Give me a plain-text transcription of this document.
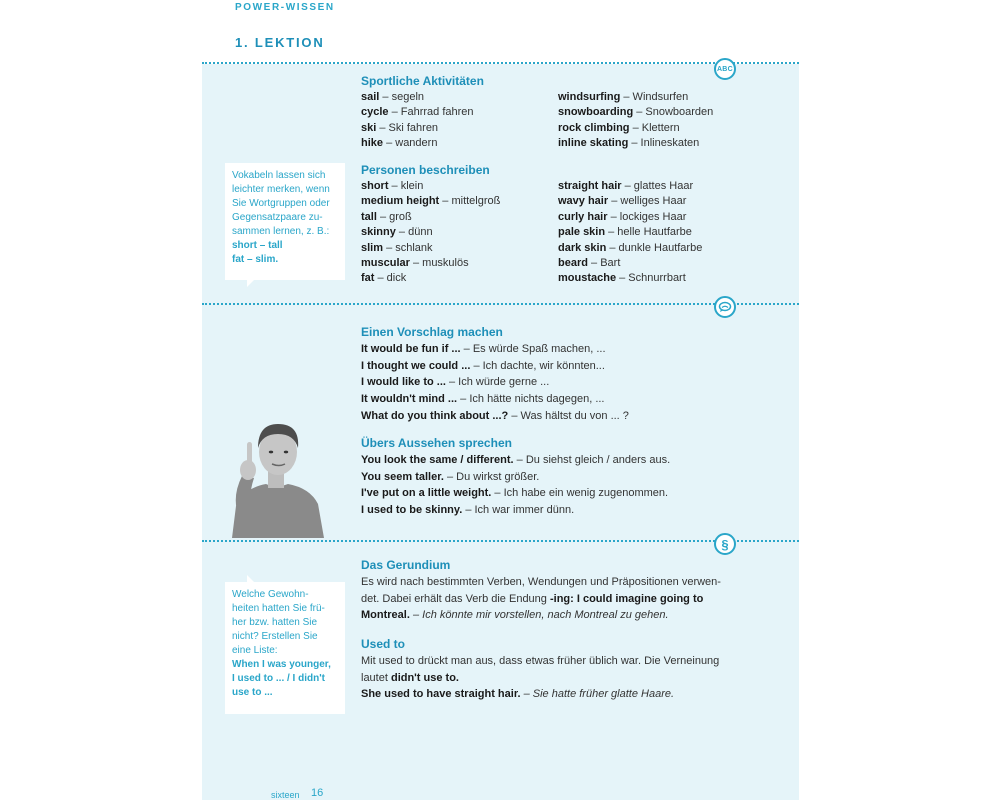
POWER-WISSEN
1. LEKTION
ABC
§
Sportliche Aktivitäten
sail – segeln
cycle – Fahrrad fahren
ski – Ski fahren
hike – wandern
windsurfing – Windsurfen
snowboarding – Snowboarden
rock climbing – Klettern
inline skating – Inlineskaten
Personen beschreiben
short – klein
medium height – mittelgroß
tall – groß
skinny – dünn
slim – schlank
muscular – muskulös
fat – dick
straight hair – glattes Haar
wavy hair – welliges Haar
curly hair – lockiges Haar
pale skin – helle Hautfarbe
dark skin – dunkle Hautfarbe
beard – Bart
moustache – Schnurrbart
Vokabeln lassen sich
leichter merken, wenn
Sie Wortgruppen oder
Gegensatzpaare zu-
sammen lernen, z. B.:
short – tall
fat – slim.
Einen Vorschlag machen
It would be fun if ... – Es würde Spaß machen, ...
I thought we could ... – Ich dachte, wir könnten...
I would like to ... – Ich würde gerne ...
It wouldn't mind ... – Ich hätte nichts dagegen, ...
What do you think about ...? – Was hältst du von ... ?
Übers Aussehen sprechen
You look the same / different. – Du siehst gleich / anders aus.
You seem taller. – Du wirkst größer.
I've put on a little weight. – Ich habe ein wenig zugenommen.
I used to be skinny. – Ich war immer dünn.
Das Gerundium
Es wird nach bestimmten Verben, Wendungen und Präpositionen verwen-
det. Dabei erhält das Verb die Endung -ing: I could imagine going to
Montreal. – Ich könnte mir vorstellen, nach Montreal zu gehen.
Used to
Mit used to drückt man aus, dass etwas früher üblich war. Die Verneinung
lautet didn't use to.
She used to have straight hair. – Sie hatte früher glatte Haare.
Welche Gewohn-
heiten hatten Sie frü-
her bzw. hatten Sie
nicht? Erstellen Sie
eine Liste:
When I was younger,
I used to ... / I didn't
use to ...
sixteen 16
